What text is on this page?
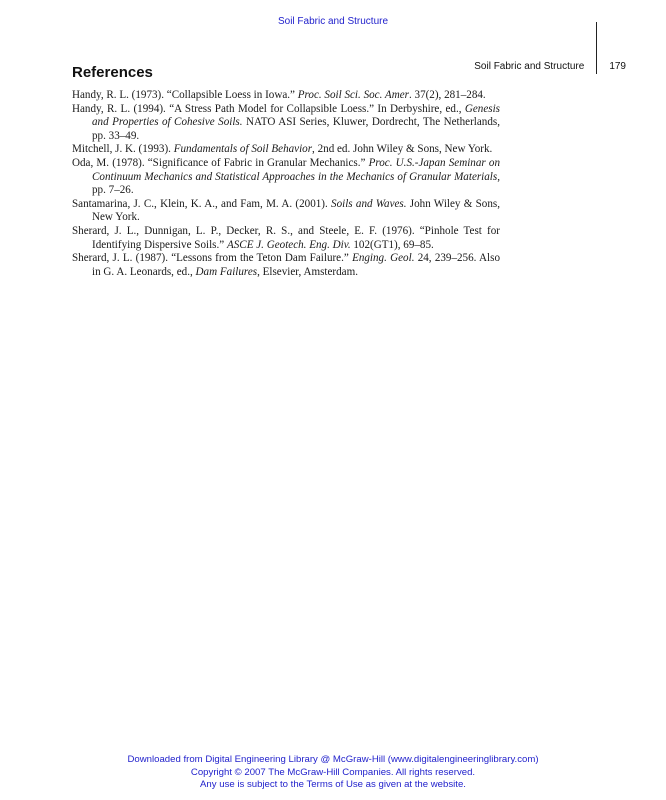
Soil Fabric and Structure
Soil Fabric and Structure	179
References

Handy, R. L. (1973). “Collapsible Loess in Iowa.” Proc. Soil Sci. Soc. Amer. 37(2), 281–284.

Handy, R. L. (1994). “A Stress Path Model for Collapsible Loess.” In Derbyshire, ed., Genesis and Properties of Cohesive Soils. NATO ASI Series, Kluwer, Dordrecht, The Netherlands, pp. 33–49.

Mitchell, J. K. (1993). Fundamentals of Soil Behavior, 2nd ed. John Wiley & Sons, New York.

Oda, M. (1978). “Significance of Fabric in Granular Mechanics.” Proc. U.S.-Japan Seminar on Continuum Mechanics and Statistical Approaches in the Mechanics of Granular Materials, pp. 7–26.

Santamarina, J. C., Klein, K. A., and Fam, M. A. (2001). Soils and Waves. John Wiley & Sons, New York.

Sherard, J. L., Dunnigan, L. P., Decker, R. S., and Steele, E. F. (1976). “Pinhole Test for Identifying Dispersive Soils.” ASCE J. Geotech. Eng. Div. 102(GT1), 69–85.

Sherard, J. L. (1987). “Lessons from the Teton Dam Failure.” Enging. Geol. 24, 239–256. Also in G. A. Leonards, ed., Dam Failures, Elsevier, Amsterdam.

Downloaded from Digital Engineering Library @ McGraw-Hill (www.digitalengineeringlibrary.com)
Copyright © 2007 The McGraw-Hill Companies. All rights reserved.
Any use is subject to the Terms of Use as given at the website.
